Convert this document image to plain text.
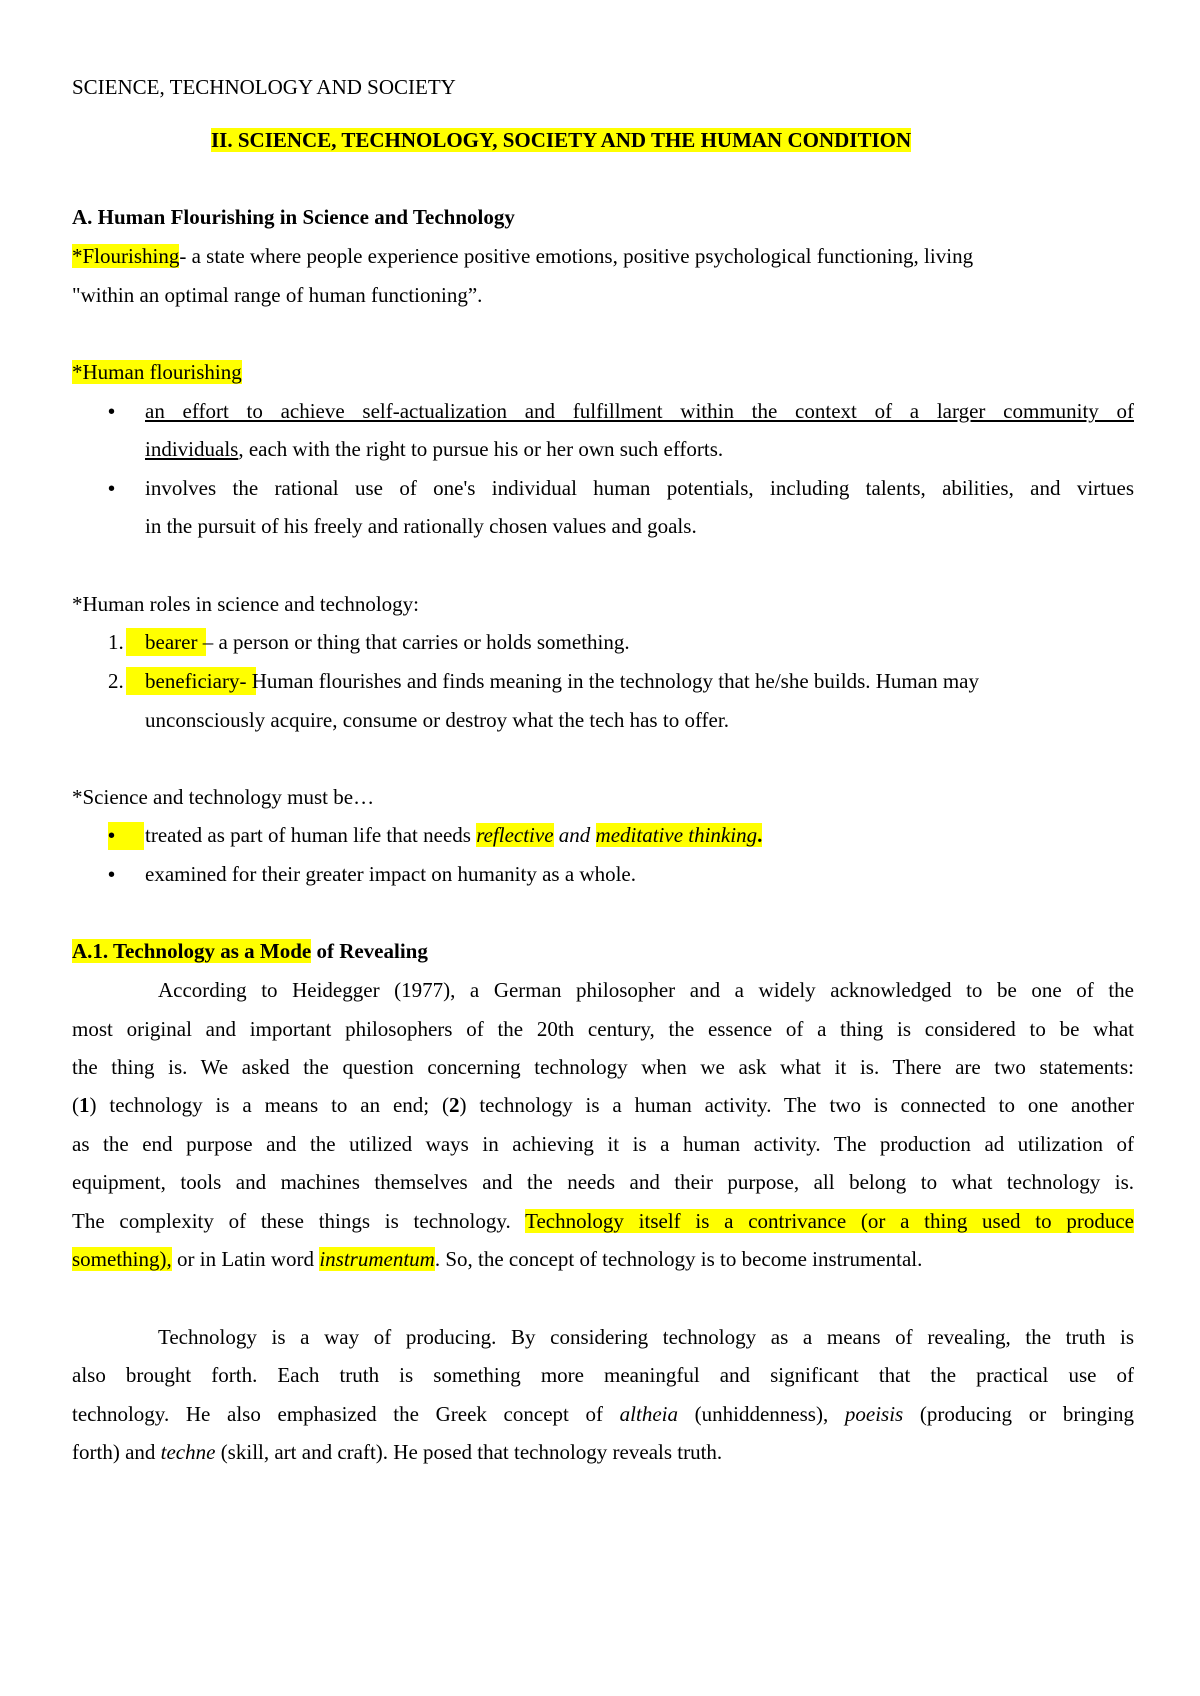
SCIENCE, TECHNOLOGY AND SOCIETY
II. SCIENCE, TECHNOLOGY, SOCIETY AND THE HUMAN CONDITION
A. Human Flourishing in Science and Technology
*Flourishing- a state where people experience positive emotions, positive psychological functioning, living
"within an optimal range of human functioning”.
*Human flourishing
•	an effort to achieve self-actualization and fulfillment within the context of a larger community of
individuals, each with the right to pursue his or her own such efforts.
•	involves the rational use of one's individual human potentials, including talents, abilities, and virtues
in the pursuit of his freely and rationally chosen values and goals.
*Human roles in science and technology:
1. bearer – a person or thing that carries or holds something.
2. beneficiary- Human flourishes and finds meaning in the technology that he/she builds. Human may
unconsciously acquire, consume or destroy what the tech has to offer.
*Science and technology must be…
•	treated as part of human life that needs reflective and meditative thinking.
•	examined for their greater impact on humanity as a whole.
A.1. Technology as a Mode of Revealing
According to Heidegger (1977), a German philosopher and a widely acknowledged to be one of the
most original and important philosophers of the 20th century, the essence of a thing is considered to be what
the thing is. We asked the question concerning technology when we ask what it is. There are two statements:
(1) technology is a means to an end; (2) technology is a human activity. The two is connected to one another
as the end purpose and the utilized ways in achieving it is a human activity. The production ad utilization of
equipment, tools and machines themselves and the needs and their purpose, all belong to what technology is.
The complexity of these things is technology. Technology itself is a contrivance (or a thing used to produce
something), or in Latin word instrumentum. So, the concept of technology is to become instrumental.
Technology is a way of producing. By considering technology as a means of revealing, the truth is
also brought forth. Each truth is something more meaningful and significant that the practical use of
technology. He also emphasized the Greek concept of altheia (unhiddenness), poeisis (producing or bringing
forth) and techne (skill, art and craft). He posed that technology reveals truth.
